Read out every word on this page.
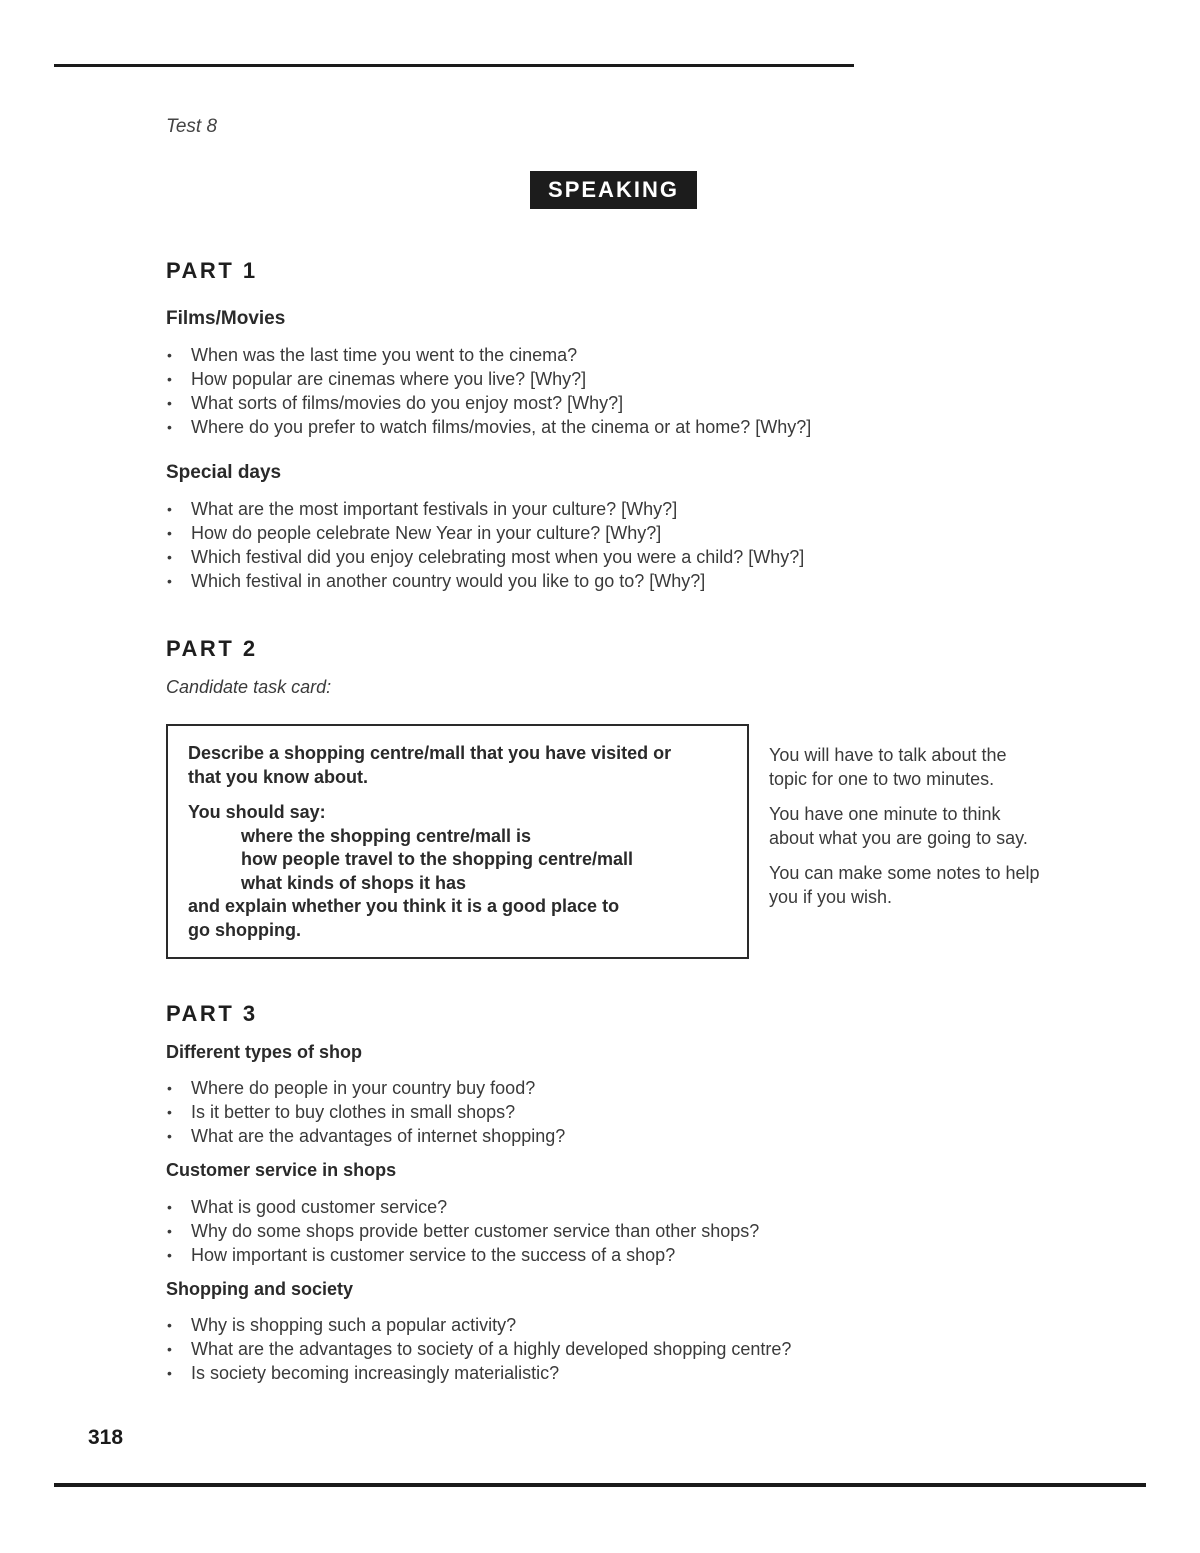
Test 8
SPEAKING
PART 1
Films/Movies
• When was the last time you went to the cinema?
• How popular are cinemas where you live? [Why?]
• What sorts of films/movies do you enjoy most? [Why?]
• Where do you prefer to watch films/movies, at the cinema or at home? [Why?]
Special days
• What are the most important festivals in your culture? [Why?]
• How do people celebrate New Year in your culture? [Why?]
• Which festival did you enjoy celebrating most when you were a child? [Why?]
• Which festival in another country would you like to go to? [Why?]
PART 2
Candidate task card:

Describe a shopping centre/mall that you have visited or

that you know about.

You should say:

where the shopping centre/mall is

how people travel to the shopping centre/mall

what kinds of shops it has

and explain whether you think it is a good place to

go shopping.

You will have to talk about the topic for one to two minutes.

You have one minute to think about what you are going to say.

You can make some notes to help you if you wish.

PART 3
Different types of shop
• Where do people in your country buy food?
• Is it better to buy clothes in small shops?
• What are the advantages of internet shopping?
Customer service in shops
• What is good customer service?
• Why do some shops provide better customer service than other shops?
• How important is customer service to the success of a shop?
Shopping and society
• Why is shopping such a popular activity?
• What are the advantages to society of a highly developed shopping centre?
• Is society becoming increasingly materialistic?
318
